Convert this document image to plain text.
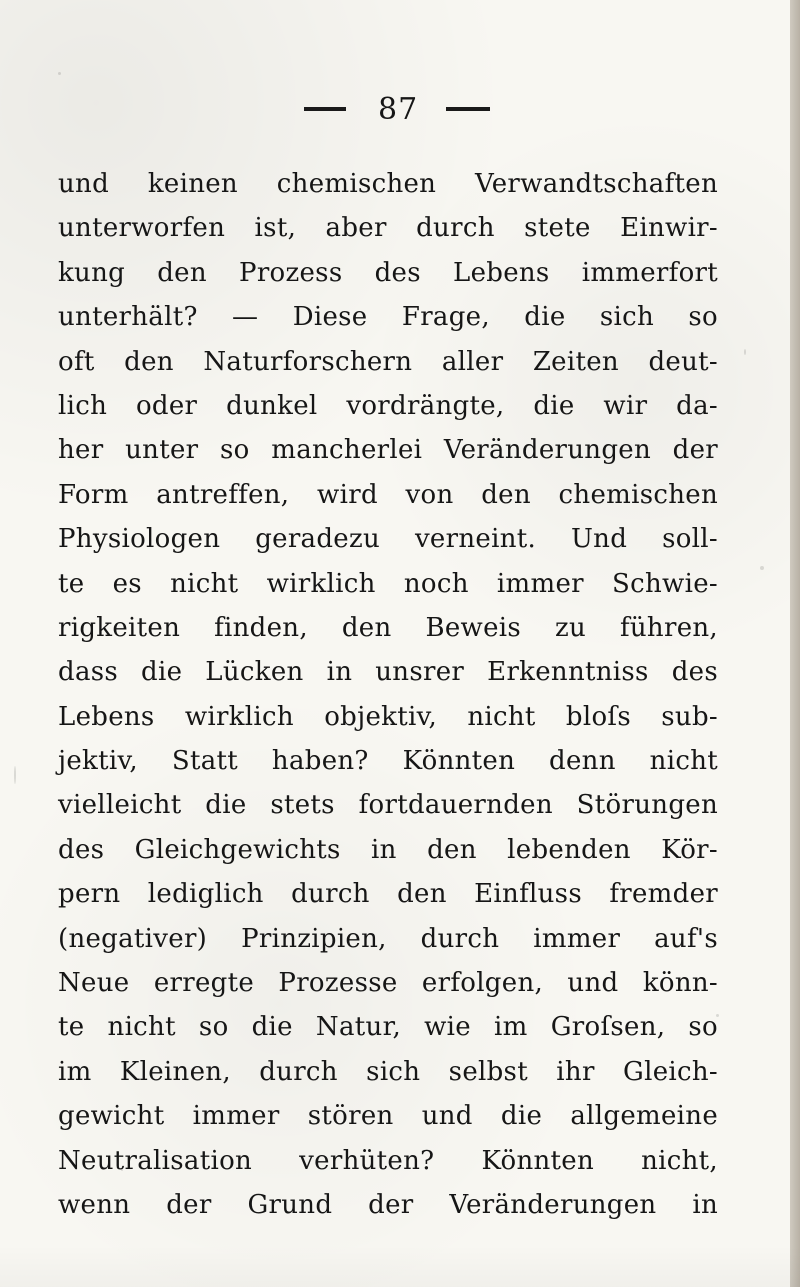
87
und keinen chemischen Verwandtschaften
unterworfen ist, aber durch stete Einwir-
kung den Prozess des Lebens immerfort
unterhält? — Diese Frage, die sich so
oft den Naturforschern aller Zeiten deut-
lich oder dunkel vordrängte, die wir da-
her unter so mancherlei Veränderungen der
Form antreffen, wird von den chemischen
Physiologen geradezu verneint. Und soll-
te es nicht wirklich noch immer Schwie-
rigkeiten finden, den Beweis zu führen,
dass die Lücken in unsrer Erkenntniss des
Lebens wirklich objektiv, nicht bloſs sub-
jektiv, Statt haben? Könnten denn nicht
vielleicht die stets fortdauernden Störungen
des Gleichgewichts in den lebenden Kör-
pern lediglich durch den Einfluss fremder
(negativer) Prinzipien, durch immer auf's
Neue erregte Prozesse erfolgen, und könn-
te nicht so die Natur, wie im Groſsen, so
im Kleinen, durch sich selbst ihr Gleich-
gewicht immer stören und die allgemeine
Neutralisation verhüten? Könnten nicht,
wenn der Grund der Veränderungen in
